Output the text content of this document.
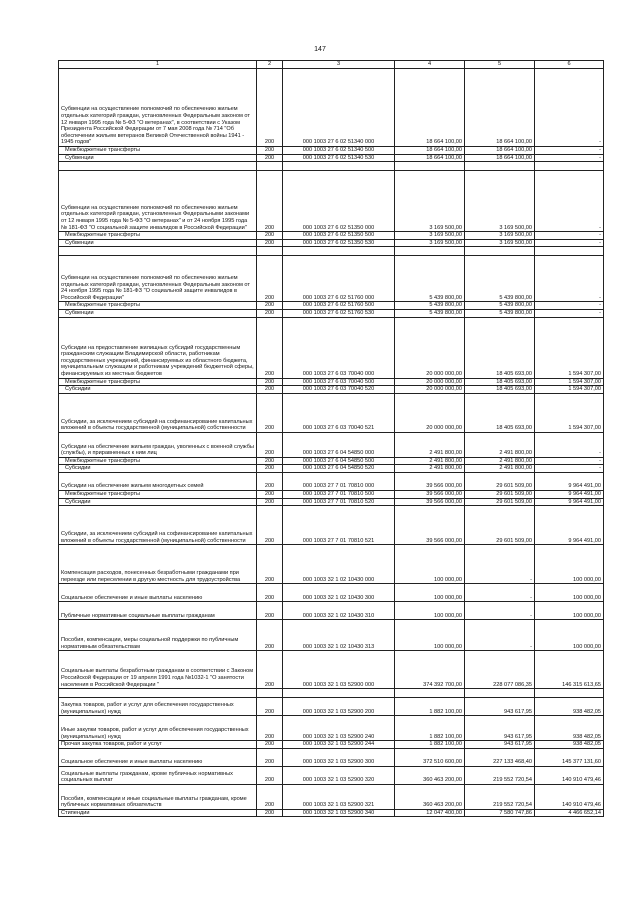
147
1	2	3	4	5	6
Субвенции на осуществление полномочий по обеспечению жильем отдельных категорий граждан, установленных Федеральным законом от 12 января 1995 года № 5-ФЗ "О ветеранах", в соответствии с Указом Президента Российской Федерации от 7 мая 2008 года № 714 "Об обеспечении жильем ветеранов Великой Отечественной войны 1941 - 1945 годов"	200	000 1003 27 6 02 51340 000	18 664 100,00	18 664 100,00	-
Межбюджетные трансферты	200	000 1003 27 6 02 51340 500	18 664 100,00	18 664 100,00	-
Субвенции	200	000 1003 27 6 02 51340 530	18 664 100,00	18 664 100,00	-

Субвенции на осуществление полномочий по обеспечению жильем отдельных категорий граждан, установленных Федеральными законами от 12 января 1995 года № 5-ФЗ "О ветеранах" и от 24 ноября 1995 года № 181-ФЗ "О социальной защите инвалидов в Российской Федерации"	200	000 1003 27 6 02 51350 000	3 169 500,00	3 169 500,00	-
Межбюджетные трансферты	200	000 1003 27 6 02 51350 500	3 169 500,00	3 169 500,00	-
Субвенции	200	000 1003 27 6 02 51350 530	3 169 500,00	3 169 500,00	-

Субвенции на осуществление полномочий по обеспечению жильем отдельных категорий граждан, установленных Федеральным законом от 24 ноября 1995 года № 181-ФЗ "О социальной защите инвалидов в Российской Федерации"	200	000 1003 27 6 02 51760 000	5 439 800,00	5 439 800,00	-
Межбюджетные трансферты	200	000 1003 27 6 02 51760 500	5 439 800,00	5 439 800,00	-
Субвенции	200	000 1003 27 6 02 51760 530	5 439 800,00	5 439 800,00	-
Субсидии на предоставление жилищных субсидий государственным гражданским служащим Владимирской области, работникам государственных учреждений, финансируемых из областного бюджета, муниципальным служащим и работникам учреждений бюджетной сферы, финансируемых из местных бюджетов	200	000 1003 27 6 03 70040 000	20 000 000,00	18 405 693,00	1 594 307,00
Межбюджетные трансферты	200	000 1003 27 6 03 70040 500	20 000 000,00	18 405 693,00	1 594 307,00
Субсидии	200	000 1003 27 6 03 70040 520	20 000 000,00	18 405 693,00	1 594 307,00
Субсидии, за исключением субсидий на софинансирование капитальных вложений в объекты государственной (муниципальной) собственности	200	000 1003 27 6 03 70040 521	20 000 000,00	18 405 693,00	1 594 307,00
Субсидии на обеспечение жильем граждан, уволенных с военной службы (службы), и приравненных к ним лиц	200	000 1003 27 6 04 54850 000	2 491 800,00	2 491 800,00	-
Межбюджетные трансферты	200	000 1003 27 6 04 54850 500	2 491 800,00	2 491 800,00	-
Субсидии	200	000 1003 27 6 04 54850 520	2 491 800,00	2 491 800,00	-
Субсидии на обеспечение жильем многодетных семей	200	000 1003 27 7 01 70810 000	39 566 000,00	29 601 509,00	9 964 491,00
Межбюджетные трансферты	200	000 1003 27 7 01 70810 500	39 566 000,00	29 601 509,00	9 964 491,00
Субсидии	200	000 1003 27 7 01 70810 520	39 566 000,00	29 601 509,00	9 964 491,00
Субсидии, за исключением субсидий на софинансирование капитальных вложений в объекты государственной (муниципальной) собственности	200	000 1003 27 7 01 70810 521	39 566 000,00	29 601 509,00	9 964 491,00
Компенсация расходов, понесенных безработными гражданами при переезде или переселении в другую местность для трудоустройства	200	000 1003 32 1 02 10430 000	100 000,00	-	100 000,00
Социальное обеспечение и иные выплаты населению	200	000 1003 32 1 02 10430 300	100 000,00	-	100 000,00
Публичные нормативные социальные выплаты гражданам	200	000 1003 32 1 02 10430 310	100 000,00	-	100 000,00
Пособия, компенсации, меры социальной поддержки по публичным нормативным обязательствам	200	000 1003 32 1 02 10430 313	100 000,00	-	100 000,00
Социальные выплаты безработным гражданам в соответствии с Законом Российской Федерации от 19 апреля 1991 года №1032-1 "О занятости населения в Российской Федерации "	200	000 1003 32 1 03 52900 000	374 392 700,00	228 077 086,35	146 315 613,65

Закупка товаров, работ и услуг для обеспечения государственных (муниципальных) нужд	200	000 1003 32 1 03 52900 200	1 882 100,00	943 617,95	938 482,05
Иные закупки товаров, работ и услуг для обеспечения государственных (муниципальных) нужд	200	000 1003 32 1 03 52900 240	1 882 100,00	943 617,95	938 482,05
Прочая закупка товаров, работ и услуг	200	000 1003 32 1 03 52900 244	1 882 100,00	943 617,95	938 482,05
Социальное обеспечение и иные выплаты населению	200	000 1003 32 1 03 52900 300	372 510 600,00	227 133 468,40	145 377 131,60
Социальные выплаты гражданам, кроме публичных нормативных социальных выплат	200	000 1003 32 1 03 52900 320	360 463 200,00	219 552 720,54	140 910 479,46
Пособия, компенсации и иные социальные выплаты гражданам, кроме публичных нормативных обязательств	200	000 1003 32 1 03 52900 321	360 463 200,00	219 552 720,54	140 910 479,46
Стипендии	200	000 1003 32 1 03 52900 340	12 047 400,00	7 580 747,86	4 466 652,14
